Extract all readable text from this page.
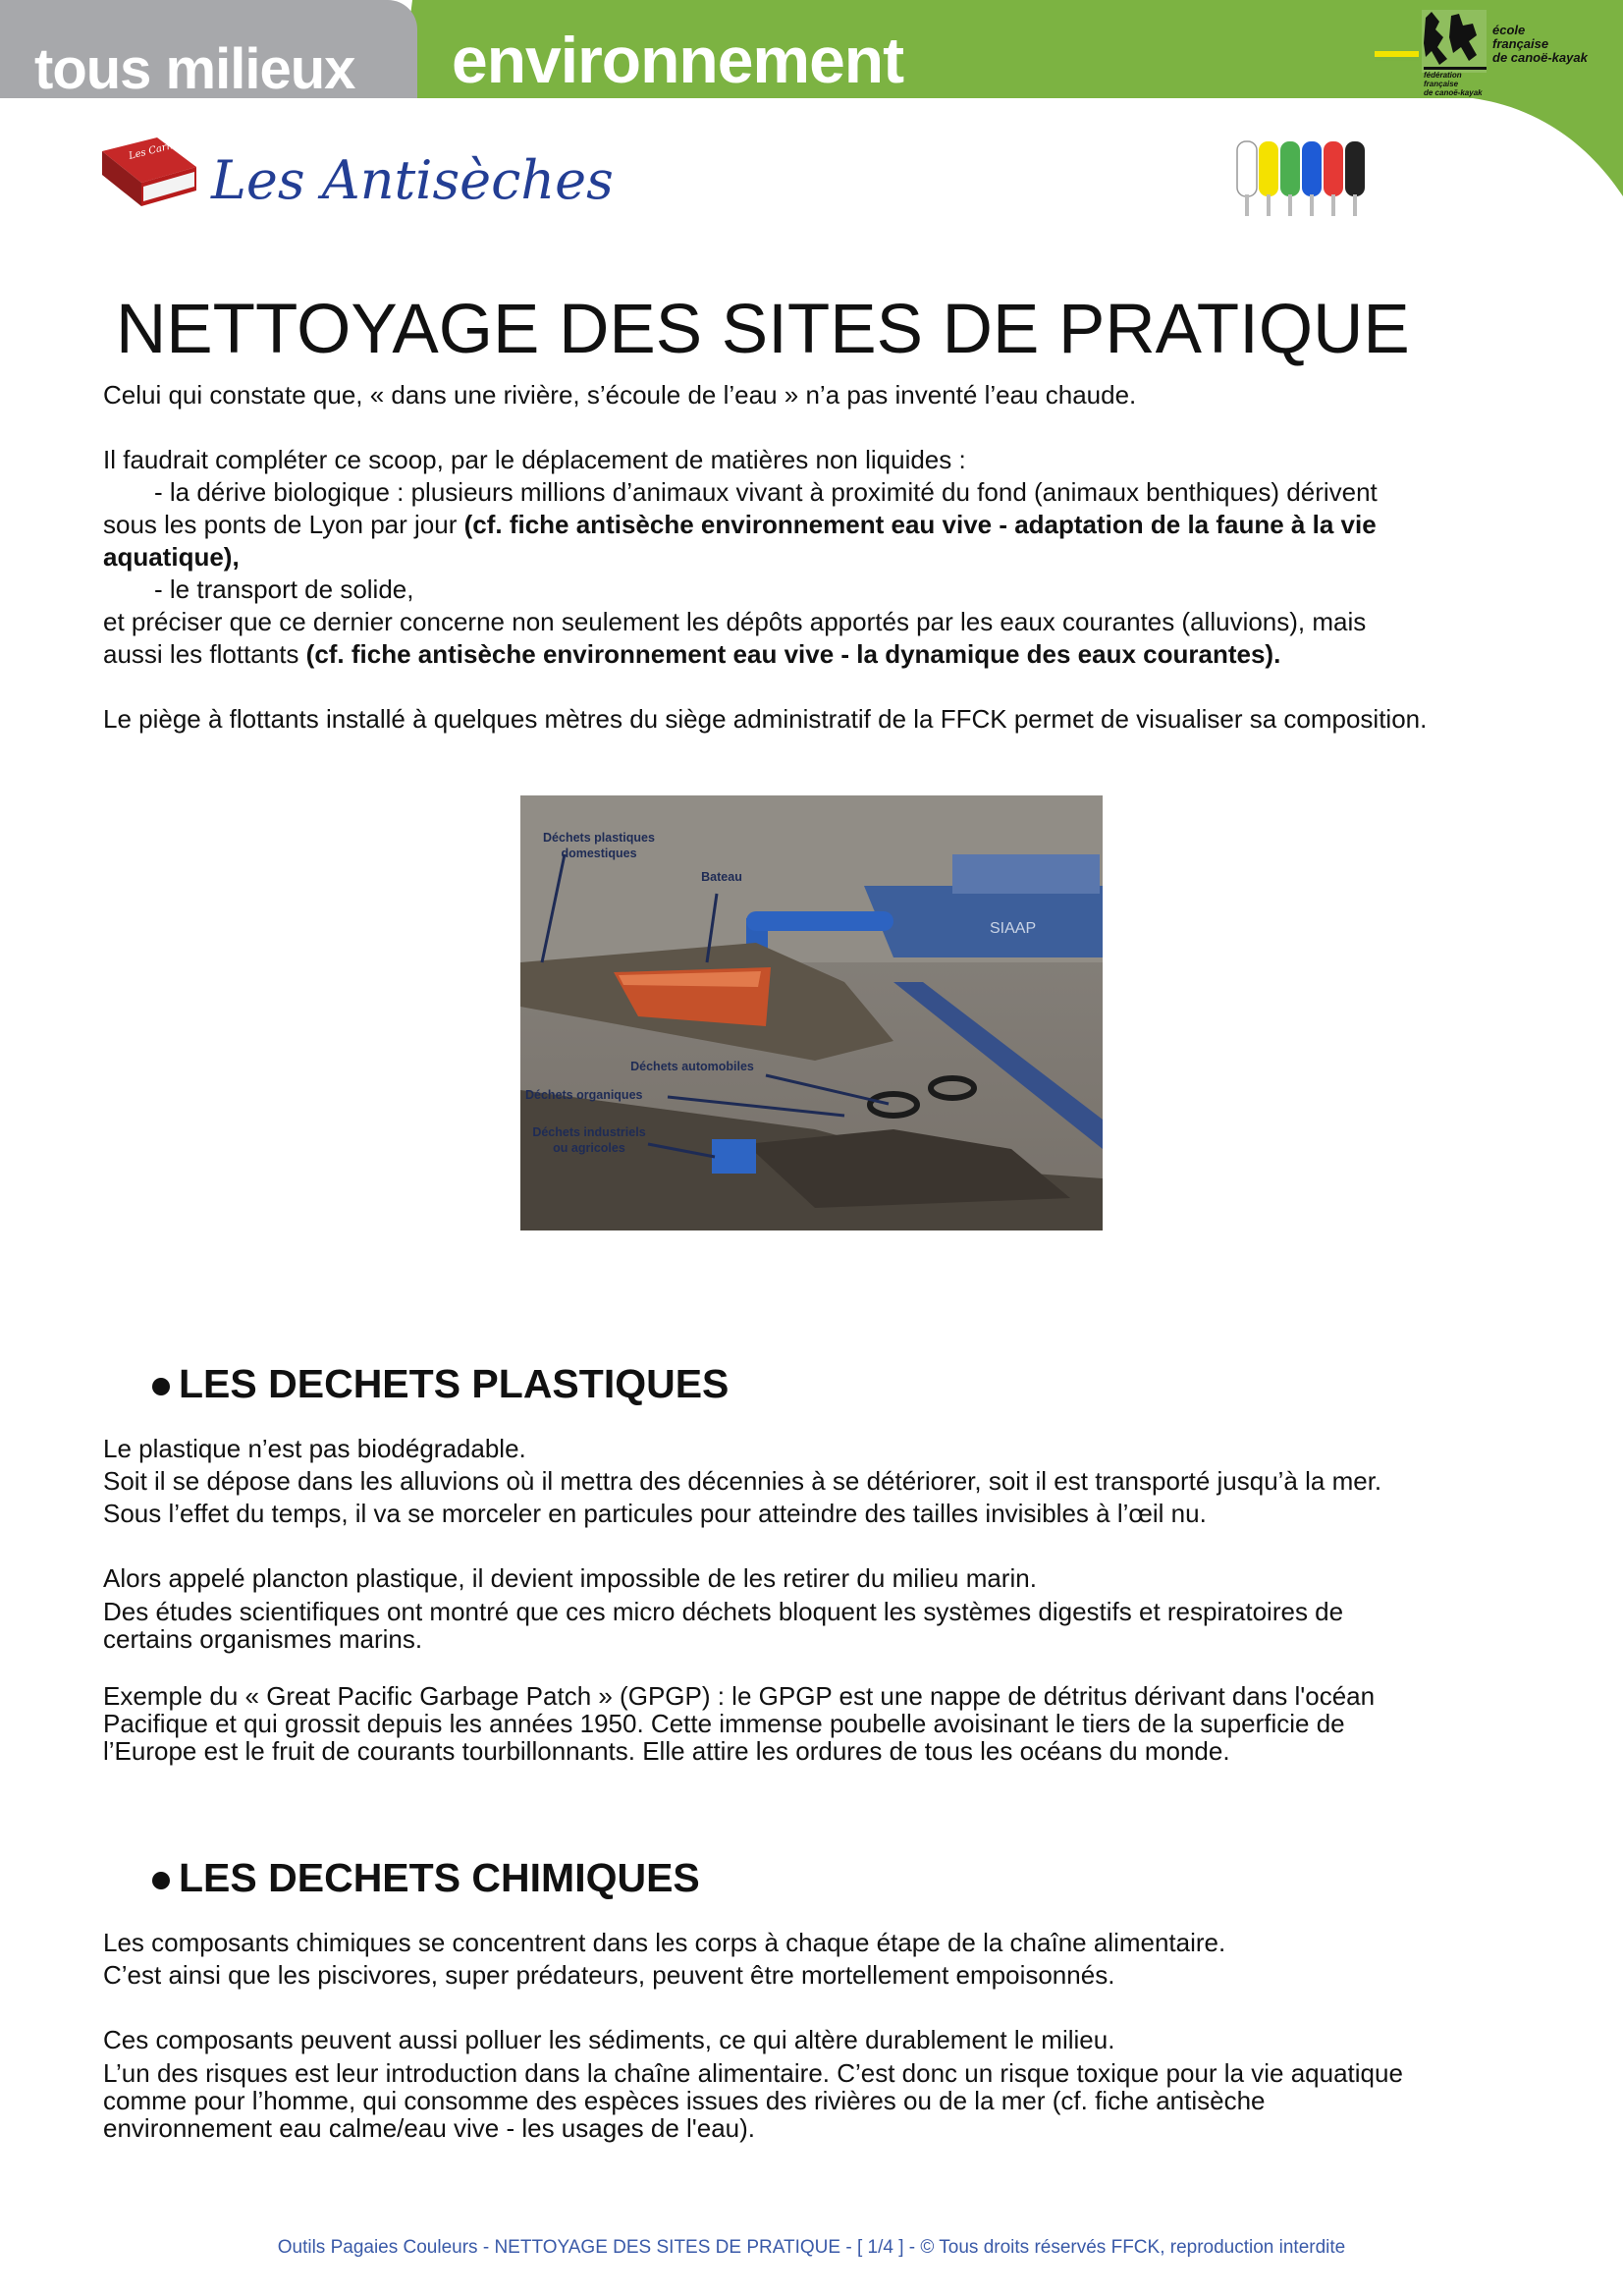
tous milieux environnement	école
française
de canoë-kayak
fédération
française
de canoë-kayak
Les Carnets Les Antisèches
NETTOYAGE DES SITES DE PRATIQUE

Celui qui constate que, « dans une rivière, s’écoule de l’eau » n’a pas inventé l’eau chaude.

Il faudrait compléter ce scoop, par le déplacement de matières non liquides :

- la dérive biologique : plusieurs millions d’animaux vivant à proximité du fond (animaux benthiques) dérivent

sous les ponts de Lyon par jour (cf. fiche antisèche environnement eau vive - adaptation de la faune à la vie

aquatique),

- le transport de solide,

et préciser que ce dernier concerne non seulement les dépôts apportés par les eaux courantes (alluvions), mais

aussi les flottants (cf. fiche antisèche environnement eau vive - la dynamique des eaux courantes).

Le piège à flottants installé à quelques mètres du siège administratif de la FFCK permet de visualiser sa composition.

SIAAP
Déchets plastiques
domestiques
Bateau
Déchets automobiles
Déchets organiques
Déchets industriels
ou agricoles
LES DECHETS PLASTIQUES

Le plastique n’est pas biodégradable.

Soit il se dépose dans les alluvions où il mettra des décennies à se détériorer, soit il est transporté jusqu’à la mer.

Sous l’effet du temps, il va se morceler en particules pour atteindre des tailles invisibles à l’œil nu.

Alors appelé plancton plastique, il devient impossible de les retirer du milieu marin.

Des études scientifiques ont montré que ces micro déchets bloquent les systèmes digestifs et respiratoires de

certains organismes marins.

Exemple du « Great Pacific Garbage Patch » (GPGP) : le GPGP est une nappe de détritus dérivant dans l'océan

Pacifique et qui grossit depuis les années 1950. Cette immense poubelle avoisinant le tiers de la superficie de

l’Europe est le fruit de courants tourbillonnants. Elle attire les ordures de tous les océans du monde.

LES DECHETS CHIMIQUES

Les composants chimiques se concentrent dans les corps à chaque étape de la chaîne alimentaire.

C’est ainsi que les piscivores, super prédateurs, peuvent être mortellement empoisonnés.

Ces composants peuvent aussi polluer les sédiments, ce qui altère durablement le milieu.

L’un des risques est leur introduction dans la chaîne alimentaire. C’est donc un risque toxique pour la vie aquatique

comme pour l’homme, qui consomme des espèces issues des rivières ou de la mer (cf. fiche antisèche

environnement eau calme/eau vive - les usages de l'eau).

Outils Pagaies Couleurs - NETTOYAGE DES SITES DE PRATIQUE - [ 1/4 ] - © Tous droits réservés FFCK, reproduction interdite
